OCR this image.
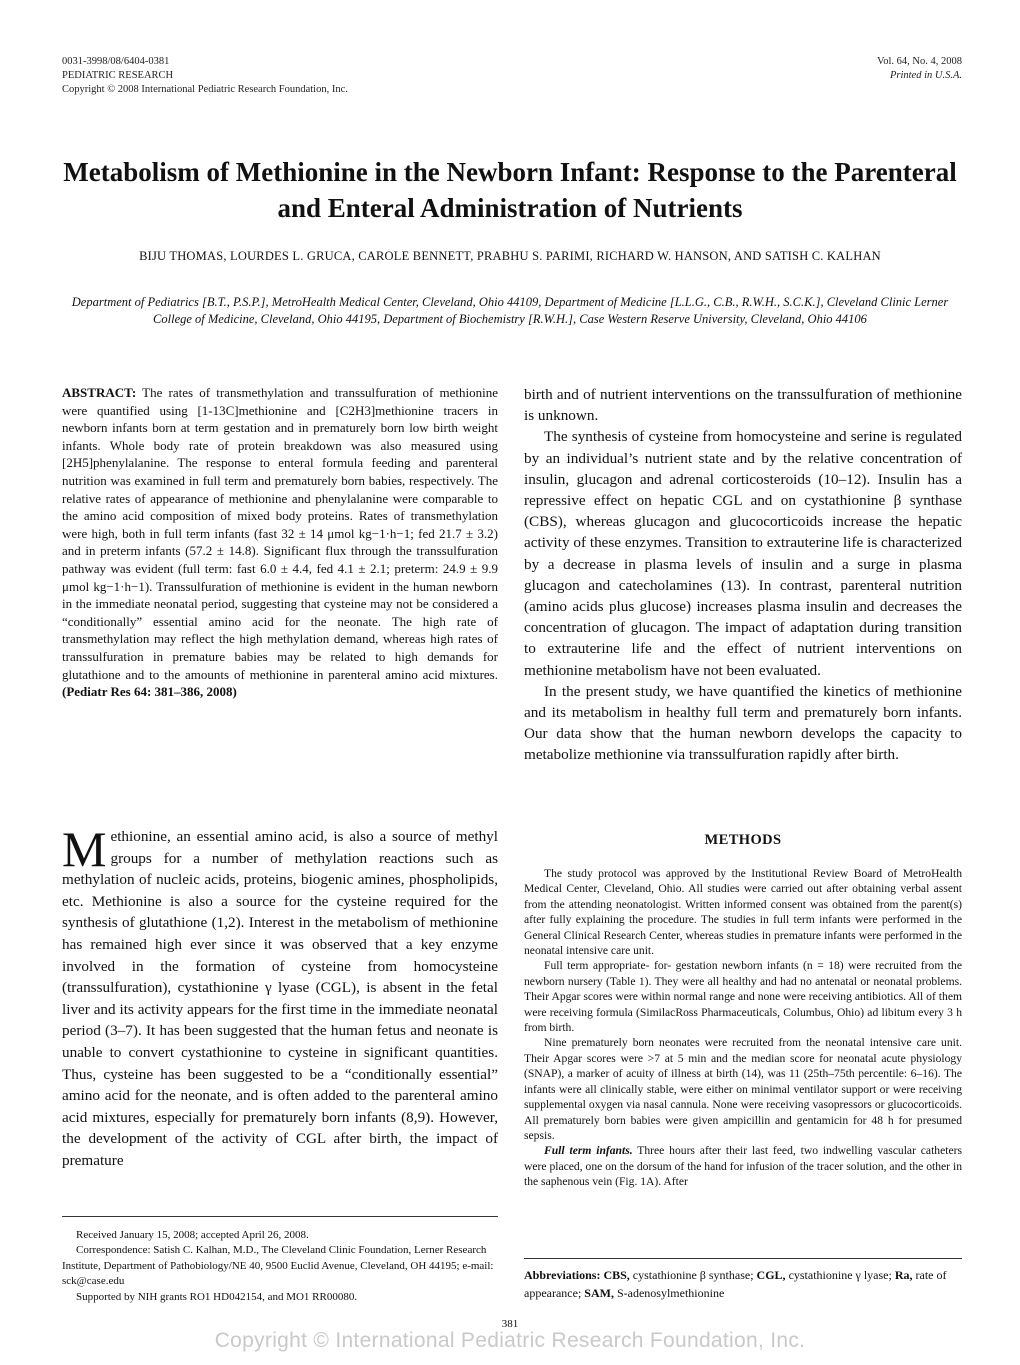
0031-3998/08/6404-0381
PEDIATRIC RESEARCH
Copyright © 2008 International Pediatric Research Foundation, Inc.
Vol. 64, No. 4, 2008
Printed in U.S.A.
Metabolism of Methionine in the Newborn Infant: Response to the Parenteral and Enteral Administration of Nutrients
BIJU THOMAS, LOURDES L. GRUCA, CAROLE BENNETT, PRABHU S. PARIMI, RICHARD W. HANSON, AND SATISH C. KALHAN
Department of Pediatrics [B.T., P.S.P.], MetroHealth Medical Center, Cleveland, Ohio 44109, Department of Medicine [L.L.G., C.B., R.W.H., S.C.K.], Cleveland Clinic Lerner College of Medicine, Cleveland, Ohio 44195, Department of Biochemistry [R.W.H.], Case Western Reserve University, Cleveland, Ohio 44106
ABSTRACT: The rates of transmethylation and transsulfuration of methionine were quantified using [1-13C]methionine and [C2H3]methionine tracers in newborn infants born at term gestation and in prematurely born low birth weight infants. Whole body rate of protein breakdown was also measured using [2H5]phenylalanine. The response to enteral formula feeding and parenteral nutrition was examined in full term and prematurely born babies, respectively. The relative rates of appearance of methionine and phenylalanine were comparable to the amino acid composition of mixed body proteins. Rates of transmethylation were high, both in full term infants (fast 32 ± 14 μmol kg−1·h−1; fed 21.7 ± 3.2) and in preterm infants (57.2 ± 14.8). Significant flux through the transsulfuration pathway was evident (full term: fast 6.0 ± 4.4, fed 4.1 ± 2.1; preterm: 24.9 ± 9.9 μmol kg−1·h−1). Transsulfuration of methionine is evident in the human newborn in the immediate neonatal period, suggesting that cysteine may not be considered a “conditionally” essential amino acid for the neonate. The high rate of transmethylation may reflect the high methylation demand, whereas high rates of transsulfuration in premature babies may be related to high demands for glutathione and to the amounts of methionine in parenteral amino acid mixtures. (Pediatr Res 64: 381–386, 2008)

birth and of nutrient interventions on the transsulfuration of methionine is unknown.

The synthesis of cysteine from homocysteine and serine is regulated by an individual’s nutrient state and by the relative concentration of insulin, glucagon and adrenal corticosteroids (10–12). Insulin has a repressive effect on hepatic CGL and on cystathionine β synthase (CBS), whereas glucagon and glucocorticoids increase the hepatic activity of these enzymes. Transition to extrauterine life is characterized by a decrease in plasma levels of insulin and a surge in plasma glucagon and catecholamines (13). In contrast, parenteral nutrition (amino acids plus glucose) increases plasma insulin and decreases the concentration of glucagon. The impact of adaptation during transition to extrauterine life and the effect of nutrient interventions on methionine metabolism have not been evaluated.

In the present study, we have quantified the kinetics of methionine and its metabolism in healthy full term and prematurely born infants. Our data show that the human newborn develops the capacity to metabolize methionine via transsulfuration rapidly after birth.

Methionine, an essential amino acid, is also a source of methyl groups for a number of methylation reactions such as methylation of nucleic acids, proteins, biogenic amines, phospholipids, etc. Methionine is also a source for the cysteine required for the synthesis of glutathione (1,2). Interest in the metabolism of methionine has remained high ever since it was observed that a key enzyme involved in the formation of cysteine from homocysteine (transsulfuration), cystathionine γ lyase (CGL), is absent in the fetal liver and its activity appears for the first time in the immediate neonatal period (3–7). It has been suggested that the human fetus and neonate is unable to convert cystathionine to cysteine in significant quantities. Thus, cysteine has been suggested to be a “conditionally essential” amino acid for the neonate, and is often added to the parenteral amino acid mixtures, especially for prematurely born infants (8,9). However, the development of the activity of CGL after birth, the impact of premature
METHODS

The study protocol was approved by the Institutional Review Board of MetroHealth Medical Center, Cleveland, Ohio. All studies were carried out after obtaining verbal assent from the attending neonatologist. Written informed consent was obtained from the parent(s) after fully explaining the procedure. The studies in full term infants were performed in the General Clinical Research Center, whereas studies in premature infants were performed in the neonatal intensive care unit.

Full term appropriate- for- gestation newborn infants (n = 18) were recruited from the newborn nursery (Table 1). They were all healthy and had no antenatal or neonatal problems. Their Apgar scores were within normal range and none were receiving antibiotics. All of them were receiving formula (SimilacRoss Pharmaceuticals, Columbus, Ohio) ad libitum every 3 h from birth.

Nine prematurely born neonates were recruited from the neonatal intensive care unit. Their Apgar scores were >7 at 5 min and the median score for neonatal acute physiology (SNAP), a marker of acuity of illness at birth (14), was 11 (25th–75th percentile: 6–16). The infants were all clinically stable, were either on minimal ventilator support or were receiving supplemental oxygen via nasal cannula. None were receiving vasopressors or glucocorticoids. All prematurely born babies were given ampicillin and gentamicin for 48 h for presumed sepsis.

Full term infants. Three hours after their last feed, two indwelling vascular catheters were placed, one on the dorsum of the hand for infusion of the tracer solution, and the other in the saphenous vein (Fig. 1A). After

Received January 15, 2008; accepted April 26, 2008.

Correspondence: Satish C. Kalhan, M.D., The Cleveland Clinic Foundation, Lerner Research Institute, Department of Pathobiology/NE 40, 9500 Euclid Avenue, Cleveland, OH 44195; e-mail: sck@case.edu

Supported by NIH grants RO1 HD042154, and MO1 RR00080.

Abbreviations: CBS, cystathionine β synthase; CGL, cystathionine γ lyase; Ra, rate of appearance; SAM, S-adenosylmethionine
381
Copyright © International Pediatric Research Foundation, Inc.
